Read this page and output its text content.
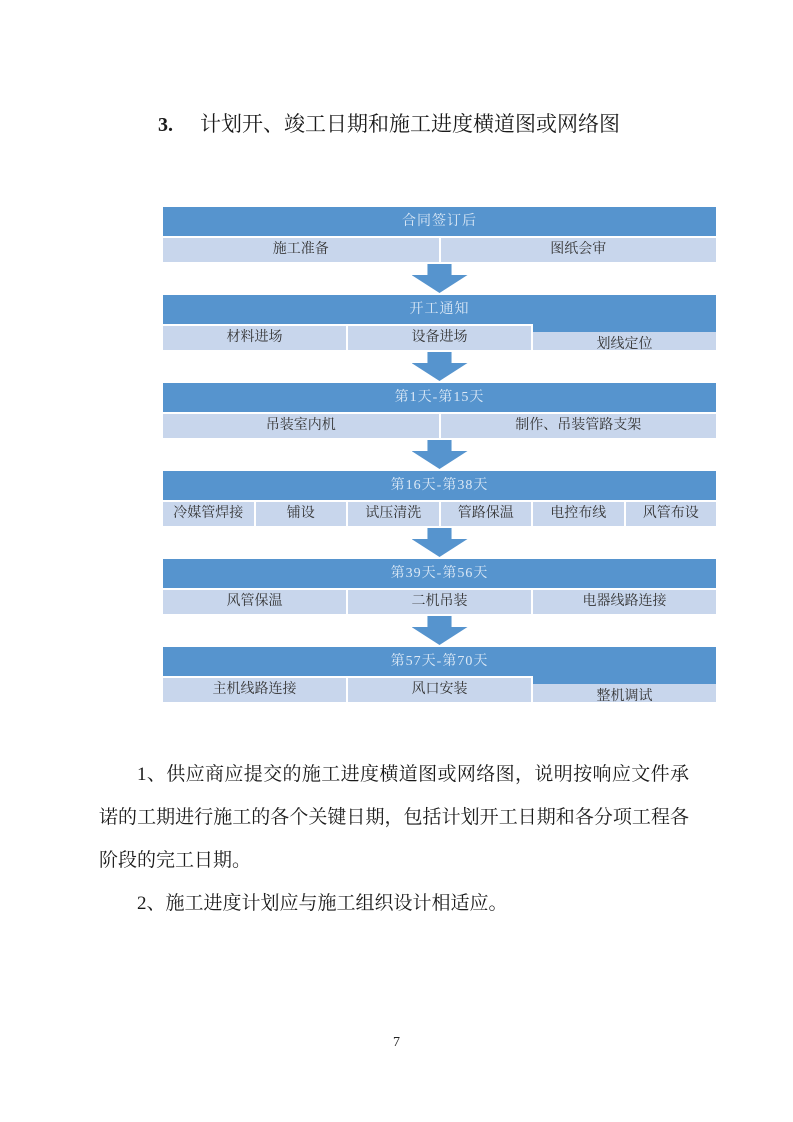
3. 计划开、竣工日期和施工进度横道图或网络图
合同签订后
施工准备	图纸会审
开工通知
材料进场	设备进场	划线定位
第1天-第15天
吊装室内机	制作、吊装管路支架
第16天-第38天
冷媒管焊接	铺设	试压清洗	管路保温	电控布线	风管布设
第39天-第56天
风管保温	二机吊装	电器线路连接
第57天-第70天
主机线路连接	风口安装	整机调试

1、供应商应提交的施工进度横道图或网络图，说明按响应文件承诺的工期进行施工的各个关键日期，包括计划开工日期和各分项工程各阶段的完工日期。

2、施工进度计划应与施工组织设计相适应。

7
